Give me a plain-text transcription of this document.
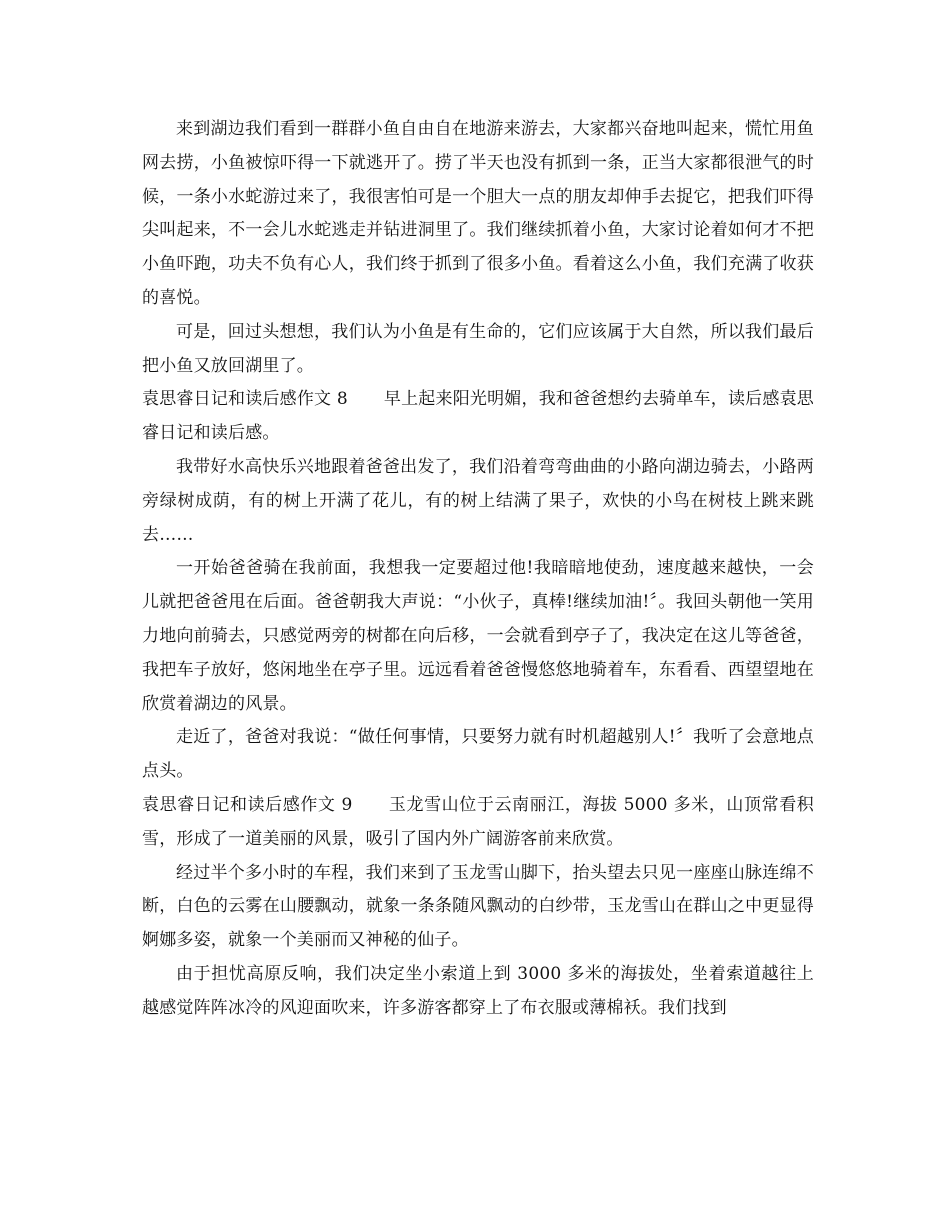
来到湖边我们看到一群群小鱼自由自在地游来游去，大家都兴奋地叫起来，慌忙用鱼网去捞，小鱼被惊吓得一下就逃开了。捞了半天也没有抓到一条，正当大家都很泄气的时候，一条小水蛇游过来了，我很害怕可是一个胆大一点的朋友却伸手去捉它，把我们吓得尖叫起来，不一会儿水蛇逃走并钻进洞里了。我们继续抓着小鱼，大家讨论着如何才不把小鱼吓跑，功夫不负有心人，我们终于抓到了很多小鱼。看着这么小鱼，我们充满了收获的喜悦。

可是，回过头想想，我们认为小鱼是有生命的，它们应该属于大自然，所以我们最后把小鱼又放回湖里了。

袁思睿日记和读后感作文 8 早上起来阳光明媚，我和爸爸想约去骑单车，读后感袁思睿日记和读后感。

我带好水高快乐兴地跟着爸爸出发了，我们沿着弯弯曲曲的小路向湖边骑去，小路两旁绿树成荫，有的树上开满了花儿，有的树上结满了果子，欢快的小鸟在树枝上跳来跳去……

一开始爸爸骑在我前面，我想我一定要超过他!我暗暗地使劲，速度越来越快，一会儿就把爸爸甩在后面。爸爸朝我大声说：“小伙子，真棒!继续加油!〞。我回头朝他一笑用力地向前骑去，只感觉两旁的树都在向后移，一会就看到亭子了，我决定在这儿等爸爸，我把车子放好，悠闲地坐在亭子里。远远看着爸爸慢悠悠地骑着车，东看看、西望望地在欣赏着湖边的风景。

走近了，爸爸对我说：“做任何事情，只要努力就有时机超越别人!〞我听了会意地点点头。

袁思睿日记和读后感作文 9 玉龙雪山位于云南丽江，海拔 5000 多米，山顶常看积雪，形成了一道美丽的风景，吸引了国内外广阔游客前来欣赏。

经过半个多小时的车程，我们来到了玉龙雪山脚下，抬头望去只见一座座山脉连绵不断，白色的云雾在山腰飘动，就象一条条随风飘动的白纱带，玉龙雪山在群山之中更显得婀娜多姿，就象一个美丽而又神秘的仙子。

由于担忧高原反响，我们决定坐小索道上到 3000 多米的海拔处，坐着索道越往上越感觉阵阵冰冷的风迎面吹来，许多游客都穿上了布衣服或薄棉袄。我们找到
